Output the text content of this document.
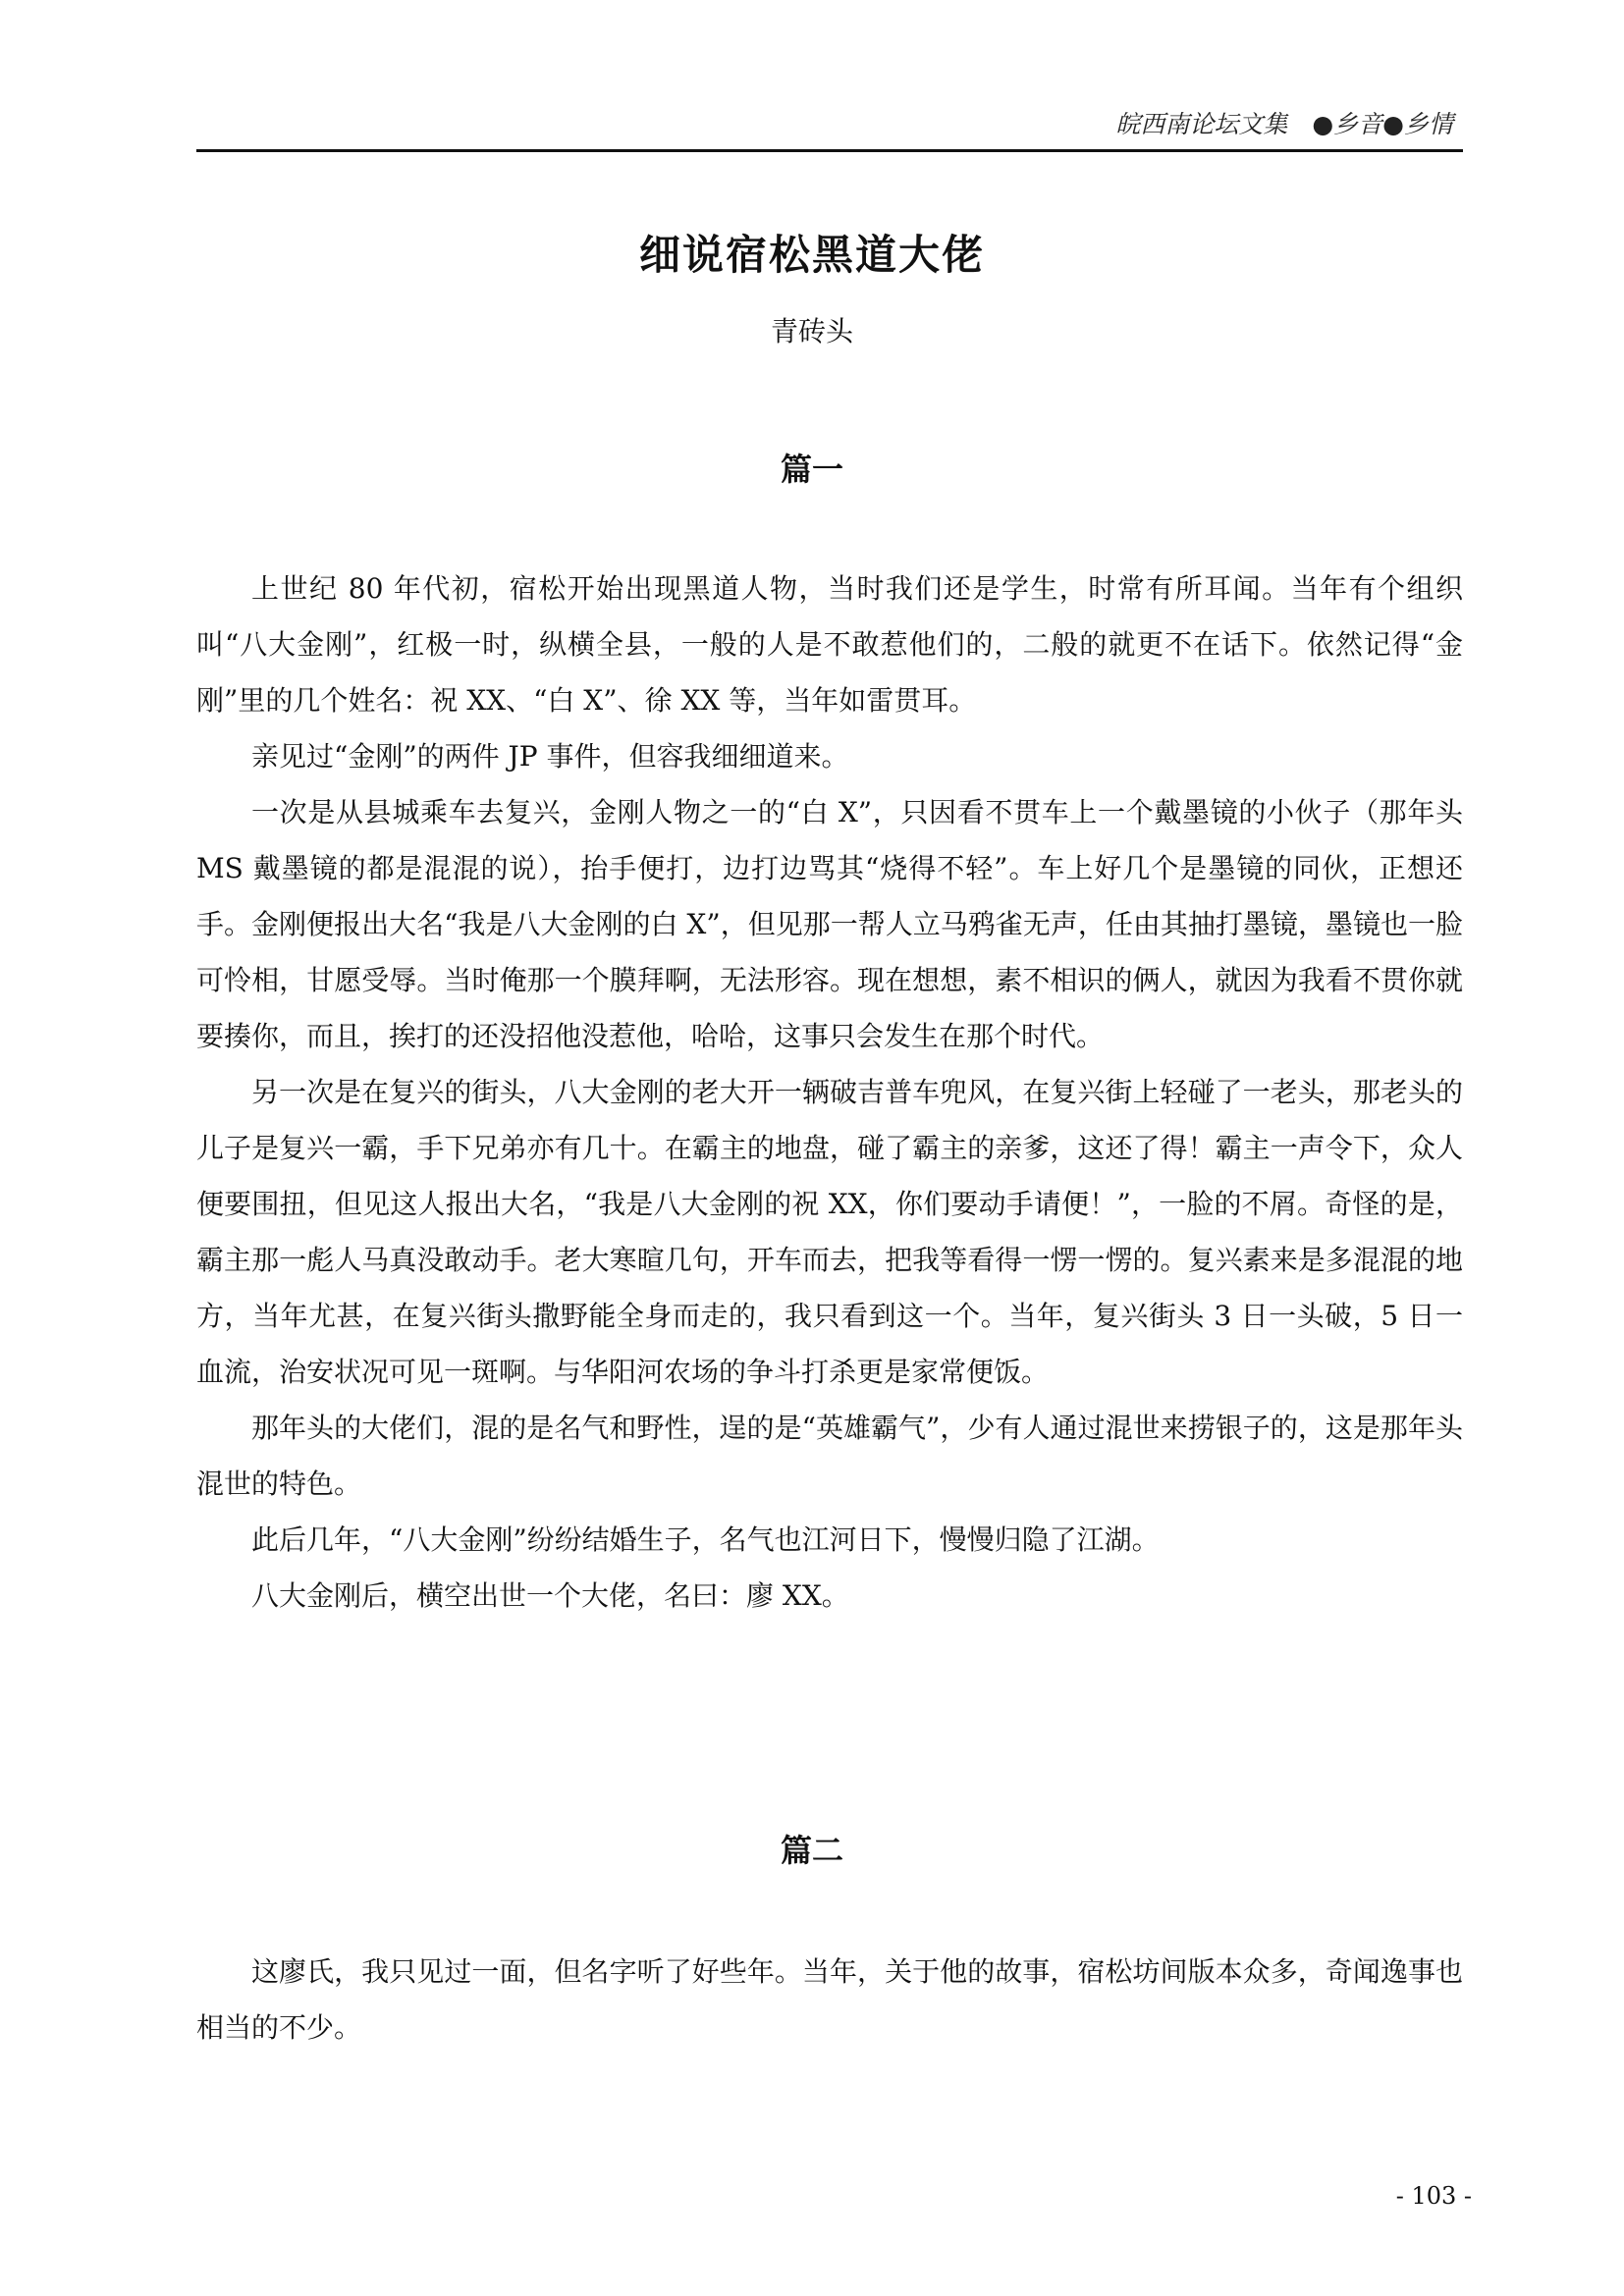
皖西南论坛文集　●乡音●乡情
细说宿松黑道大佬
青砖头
篇一

上世纪 80 年代初，宿松开始出现黑道人物，当时我们还是学生，时常有所耳闻。当年有个组织叫“八大金刚”，红极一时，纵横全县，一般的人是不敢惹他们的，二般的就更不在话下。依然记得“金刚”里的几个姓名：祝 XX、“白 X”、徐 XX 等，当年如雷贯耳。

亲见过“金刚”的两件 JP 事件，但容我细细道来。

一次是从县城乘车去复兴，金刚人物之一的“白 X”，只因看不贯车上一个戴墨镜的小伙子（那年头 MS 戴墨镜的都是混混的说），抬手便打，边打边骂其“烧得不轻”。车上好几个是墨镜的同伙，正想还手。金刚便报出大名“我是八大金刚的白 X”，但见那一帮人立马鸦雀无声，任由其抽打墨镜，墨镜也一脸可怜相，甘愿受辱。当时俺那一个膜拜啊，无法形容。现在想想，素不相识的俩人，就因为我看不贯你就要揍你，而且，挨打的还没招他没惹他，哈哈，这事只会发生在那个时代。

另一次是在复兴的街头，八大金刚的老大开一辆破吉普车兜风，在复兴街上轻碰了一老头，那老头的儿子是复兴一霸，手下兄弟亦有几十。在霸主的地盘，碰了霸主的亲爹，这还了得！霸主一声令下，众人便要围扭，但见这人报出大名，“我是八大金刚的祝 XX，你们要动手请便！”，一脸的不屑。奇怪的是，霸主那一彪人马真没敢动手。老大寒暄几句，开车而去，把我等看得一愣一愣的。复兴素来是多混混的地方，当年尤甚，在复兴街头撒野能全身而走的，我只看到这一个。当年，复兴街头 3 日一头破，5 日一血流，治安状况可见一斑啊。与华阳河农场的争斗打杀更是家常便饭。

那年头的大佬们，混的是名气和野性，逞的是“英雄霸气”，少有人通过混世来捞银子的，这是那年头混世的特色。

此后几年，“八大金刚”纷纷结婚生子，名气也江河日下，慢慢归隐了江湖。

八大金刚后，横空出世一个大佬，名曰：廖 XX。

篇二

这廖氏，我只见过一面，但名字听了好些年。当年，关于他的故事，宿松坊间版本众多，奇闻逸事也相当的不少。

- 103 -
